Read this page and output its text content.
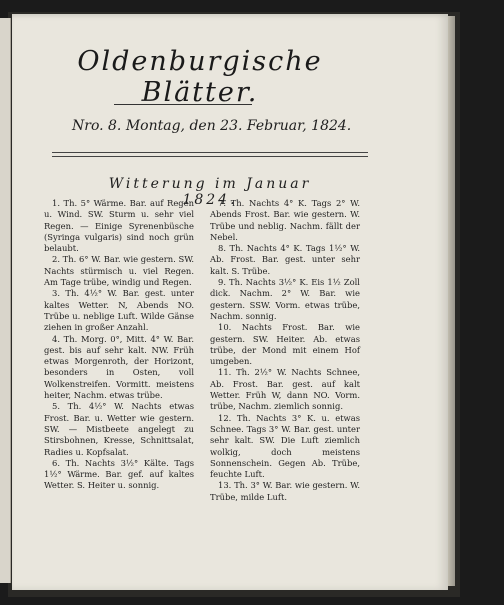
Oldenburgische Blätter.
Nro. 8. Montag, den 23. Februar, 1824.
Witterung im Januar 1824.

1. Th. 5° Wärme. Bar. auf Regen u. Wind. SW. Sturm u. sehr viel Regen. — Einige Syrenenbüsche (Syringa vulgaris) sind noch grün belaubt.

2. Th. 6° W. Bar. wie gestern. SW. Nachts stürmisch u. viel Regen. Am Tage trübe, windig und Regen.

3. Th. 4½° W. Bar. gest. unter kaltes Wetter. N, Abends NO. Trübe u. neblige Luft. Wilde Gänse ziehen in großer Anzahl.

4. Th. Morg. 0°, Mitt. 4° W. Bar. gest. bis auf sehr kalt. NW. Früh etwas Morgenroth, der Horizont, besonders in Osten, voll Wolkenstreifen. Vormitt. meistens heiter, Nachm. etwas trübe.

5. Th. 4½° W. Nachts etwas Frost. Bar. u. Wetter wie gestern. SW. — Mistbeete angelegt zu Stirsbohnen, Kresse, Schnittsalat, Radies u. Kopfsalat.

6. Th. Nachts 3½° Kälte. Tags 1½° Wärme. Bar. gef. auf kaltes Wetter. S. Heiter u. sonnig.

7. Th. Nachts 4° K. Tags 2° W. Abends Frost. Bar. wie gestern. W. Trübe und neblig. Nachm. fällt der Nebel.

8. Th. Nachts 4° K. Tags 1½° W. Ab. Frost. Bar. gest. unter sehr kalt. S. Trübe.

9. Th. Nachts 3½° K. Eis 1½ Zoll dick. Nachm. 2° W. Bar. wie gestern. SSW. Vorm. etwas trübe, Nachm. sonnig.

10. Nachts Frost. Bar. wie gestern. SW. Heiter. Ab. etwas trübe, der Mond mit einem Hof umgeben.

11. Th. 2½° W. Nachts Schnee, Ab. Frost. Bar. gest. auf kalt Wetter. Früh W, dann NO. Vorm. trübe, Nachm. ziemlich sonnig.

12. Th. Nachts 3° K. u. etwas Schnee. Tags 3° W. Bar. gest. unter sehr kalt. SW. Die Luft ziemlich wolkig, doch meistens Sonnenschein. Gegen Ab. Trübe, feuchte Luft.

13. Th. 3° W. Bar. wie gestern. W. Trübe, milde Luft.
